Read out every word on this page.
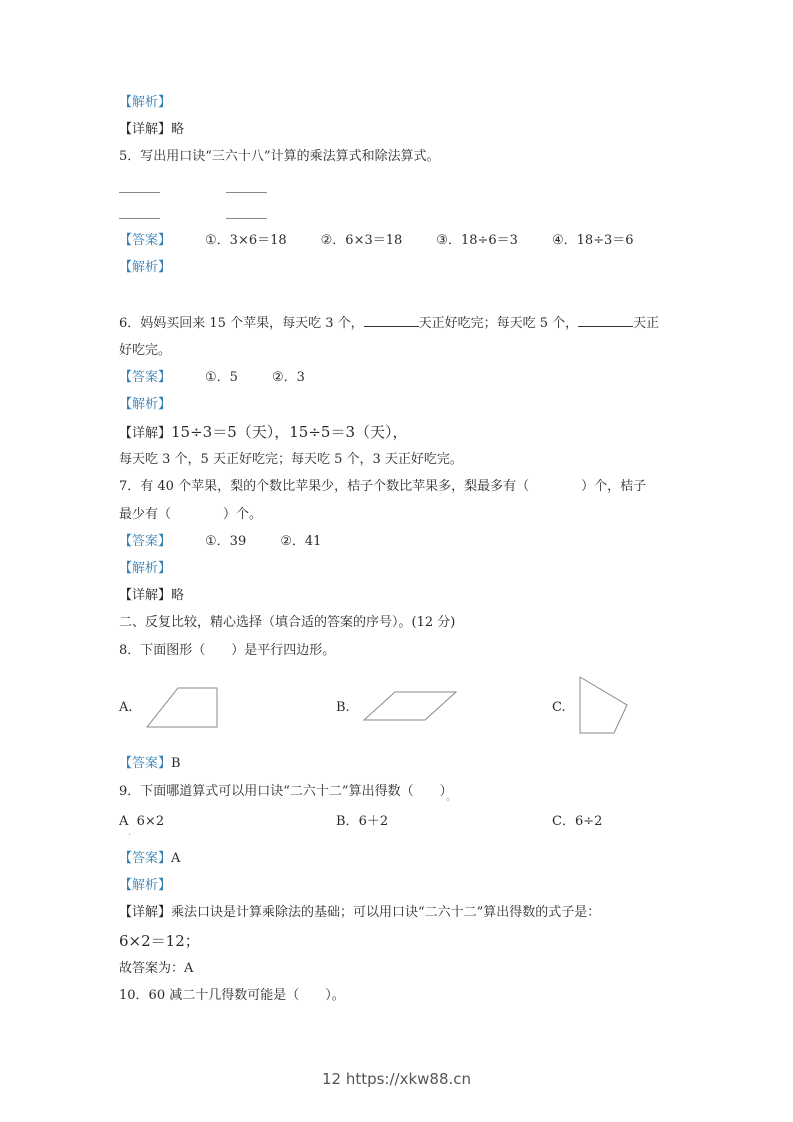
【解析】
【详解】略
5．写出用口诀“三六十八”计算的乘法算式和除法算式。
【答案】	①．3×6＝18	②．6×3＝18	③．18÷6＝3	④．18÷3＝6
【解析】
6．妈妈买回来 15 个苹果，每天吃 3 个，	天正好吃完；每天吃 5 个，	天正
好吃完。
【答案】	①．5	②．3
【解析】
【详解】15÷3＝5（天），15÷5＝3（天），
每天吃 3 个，5 天正好吃完；每天吃 5 个，3 天正好吃完。
7．有 40 个苹果，梨的个数比苹果少，桔子个数比苹果多，梨最多有（　　　　）个，桔子
最少有（　　　　）个。
【答案】	①．39	②．41
【解析】
【详解】略
二、反复比较，精心选择（填合适的答案的序号）。(12 分)
8．下面图形（　　）是平行四边形。
A.	B.	C.
【答案】B
9．下面哪道算式可以用口诀“二六十二”算出得数（　　）$_。$
A 6×2
·
B．6＋2	C．6÷2
【答案】A
【解析】
【详解】乘法口诀是计算乘除法的基础；可以用口诀“二六十二”算出得数的式子是：
6×2＝12；
故答案为：A
10．60 减二十几得数可能是（　　）。
12 https://xkw88.cn
